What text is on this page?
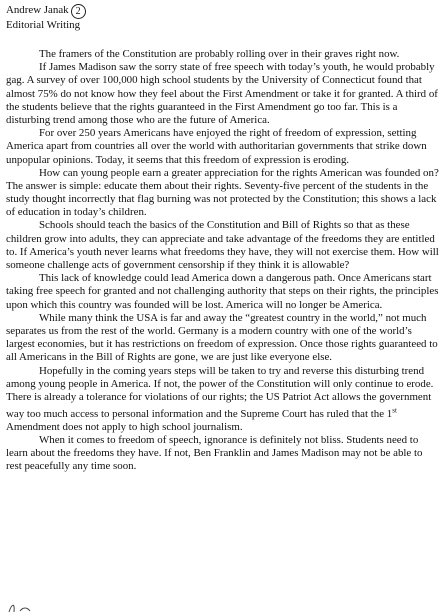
Andrew Janak 2
Editorial Writing

The framers of the Constitution are probably rolling over in their graves right now.

If James Madison saw the sorry state of free speech with today’s youth, he would probably gag. A survey of over 100,000 high school students by the University of Connecticut found that almost 75% do not know how they feel about the First Amendment or take it for granted. A third of the students believe that the rights guaranteed in the First Amendment go too far. This is a disturbing trend among those who are the future of America.

For over 250 years Americans have enjoyed the right of freedom of expression, setting America apart from countries all over the world with authoritarian governments that strike down unpopular opinions. Today, it seems that this freedom of expression is eroding.

How can young people earn a greater appreciation for the rights American was founded on? The answer is simple: educate them about their rights. Seventy-five percent of the students in the study thought incorrectly that flag burning was not protected by the Constitution; this shows a lack of education in today’s children.

Schools should teach the basics of the Constitution and Bill of Rights so that as these children grow into adults, they can appreciate and take advantage of the freedoms they are entitled to. If America’s youth never learns what freedoms they have, they will not exercise them. How will someone challenge acts of government censorship if they think it is allowable?

This lack of knowledge could lead America down a dangerous path. Once Americans start taking free speech for granted and not challenging authority that steps on their rights, the principles upon which this country was founded will be lost. America will no longer be America.

While many think the USA is far and away the “greatest country in the world,” not much separates us from the rest of the world. Germany is a modern country with one of the world’s largest economies, but it has restrictions on freedom of expression. Once those rights guaranteed to all Americans in the Bill of Rights are gone, we are just like everyone else.

Hopefully in the coming years steps will be taken to try and reverse this disturbing trend among young people in America. If not, the power of the Constitution will only continue to erode. There is already a tolerance for violations of our rights; the US Patriot Act allows the government way too much access to personal information and the Supreme Court has ruled that the 1st Amendment does not apply to high school journalism.

When it comes to freedom of speech, ignorance is definitely not bliss. Students need to learn about the freedoms they have. If not, Ben Franklin and James Madison may not be able to rest peacefully any time soon.
